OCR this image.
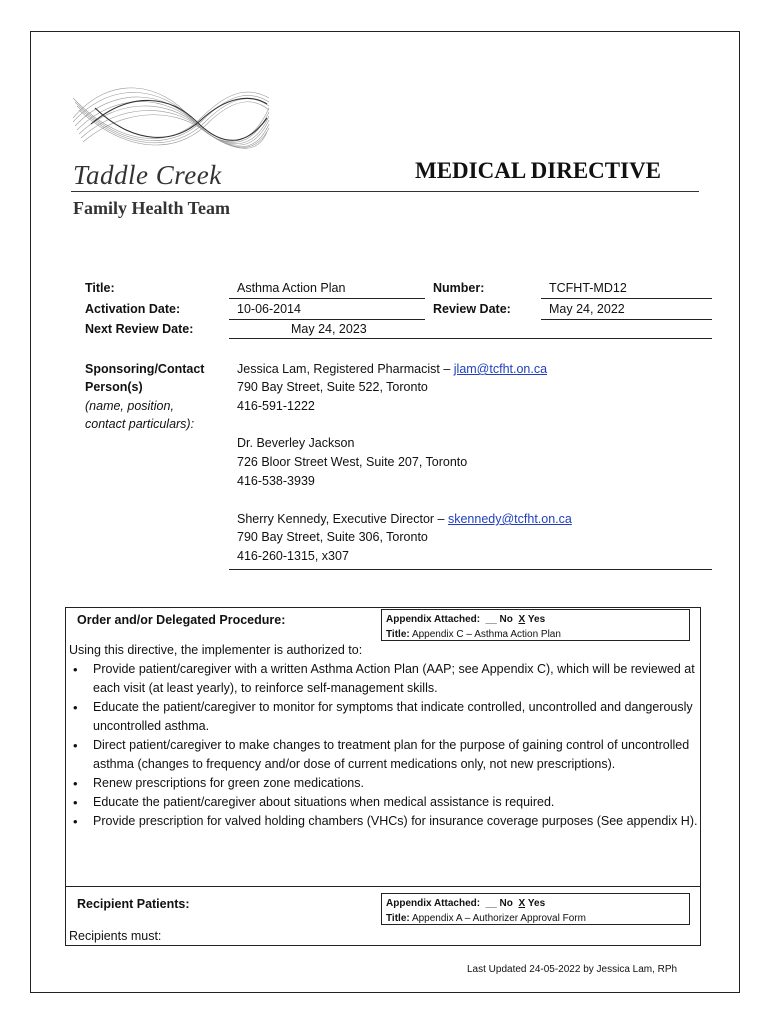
Taddle Creek
Family Health Team
MEDICAL DIRECTIVE
Title:	Asthma Action Plan	Number:	TCFHT-MD12
Activation Date:	10-06-2014	Review Date:	May 24, 2022
Next Review Date:	May 24, 2023
Sponsoring/Contact
Person(s)
(name, position,
contact particulars):
Jessica Lam, Registered Pharmacist – jlam@tcfht.on.ca
790 Bay Street, Suite 522, Toronto
416-591-1222
Dr. Beverley Jackson
726 Bloor Street West, Suite 207, Toronto
416-538-3939
Sherry Kennedy, Executive Director – skennedy@tcfht.on.ca
790 Bay Street, Suite 306, Toronto
416-260-1315, x307
Order and/or Delegated Procedure:	Appendix Attached: __ No X Yes
Title: Appendix C – Asthma Action Plan
Using this directive, the implementer is authorized to:
• Provide patient/caregiver with a written Asthma Action Plan (AAP; see Appendix C), which will be reviewed at each visit (at least yearly), to reinforce self-management skills.
• Educate the patient/caregiver to monitor for symptoms that indicate controlled, uncontrolled and dangerously uncontrolled asthma.
• Direct patient/caregiver to make changes to treatment plan for the purpose of gaining control of uncontrolled asthma (changes to frequency and/or dose of current medications only, not new prescriptions).
• Renew prescriptions for green zone medications.
• Educate the patient/caregiver about situations when medical assistance is required.
• Provide prescription for valved holding chambers (VHCs) for insurance coverage purposes (See appendix H).
Recipient Patients:	Appendix Attached: __ No X Yes
Title: Appendix A – Authorizer Approval Form
Recipients must:
Last Updated 24-05-2022 by Jessica Lam, RPh
